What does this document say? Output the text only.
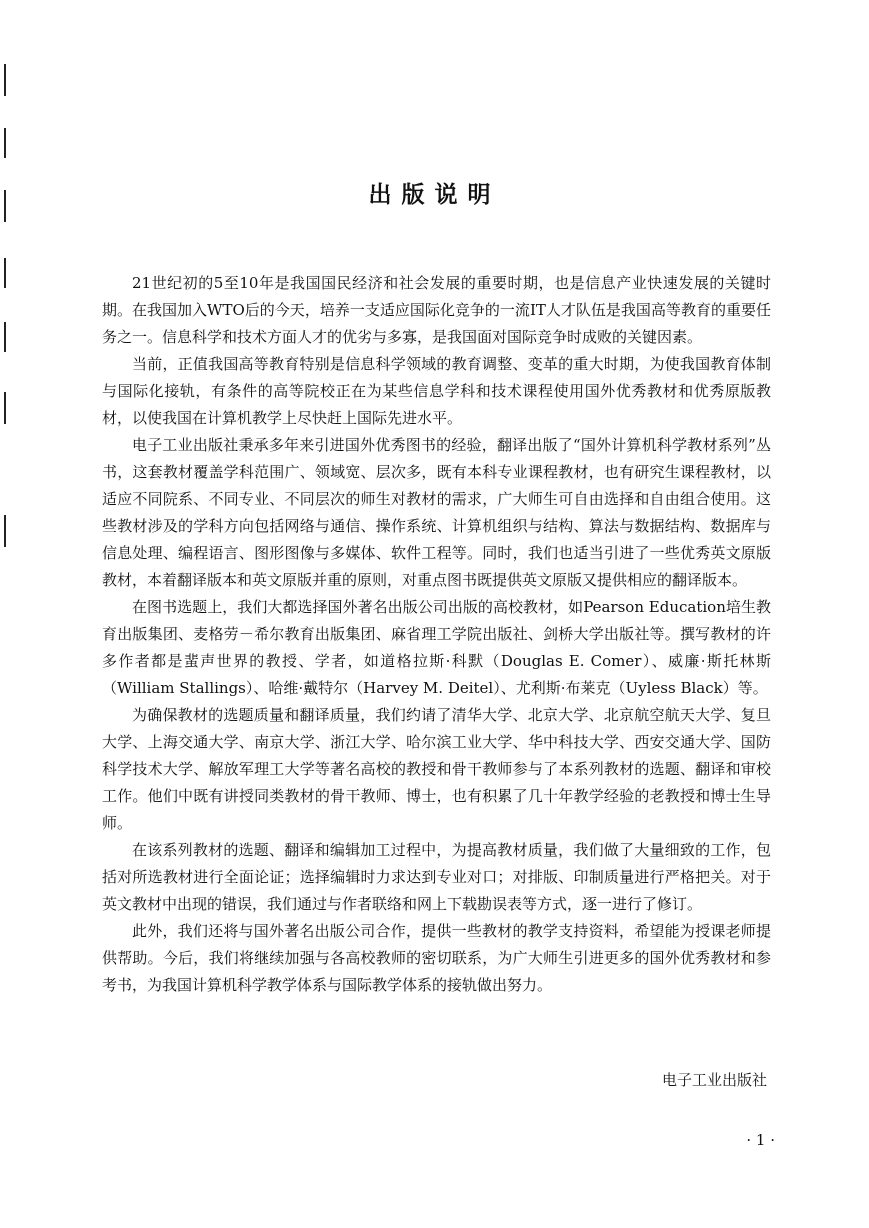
出版说明

21世纪初的5至10年是我国国民经济和社会发展的重要时期，也是信息产业快速发展的关键时期。在我国加入WTO后的今天，培养一支适应国际化竞争的一流IT人才队伍是我国高等教育的重要任务之一。信息科学和技术方面人才的优劣与多寡，是我国面对国际竞争时成败的关键因素。

当前，正值我国高等教育特别是信息科学领域的教育调整、变革的重大时期，为使我国教育体制与国际化接轨，有条件的高等院校正在为某些信息学科和技术课程使用国外优秀教材和优秀原版教材，以使我国在计算机教学上尽快赶上国际先进水平。

电子工业出版社秉承多年来引进国外优秀图书的经验，翻译出版了“国外计算机科学教材系列”丛书，这套教材覆盖学科范围广、领域宽、层次多，既有本科专业课程教材，也有研究生课程教材，以适应不同院系、不同专业、不同层次的师生对教材的需求，广大师生可自由选择和自由组合使用。这些教材涉及的学科方向包括网络与通信、操作系统、计算机组织与结构、算法与数据结构、数据库与信息处理、编程语言、图形图像与多媒体、软件工程等。同时，我们也适当引进了一些优秀英文原版教材，本着翻译版本和英文原版并重的原则，对重点图书既提供英文原版又提供相应的翻译版本。

在图书选题上，我们大都选择国外著名出版公司出版的高校教材，如Pearson Education培生教育出版集团、麦格劳－希尔教育出版集团、麻省理工学院出版社、剑桥大学出版社等。撰写教材的许多作者都是蜚声世界的教授、学者，如道格拉斯·科默（Douglas E. Comer）、威廉·斯托林斯（William Stallings）、哈维·戴特尔（Harvey M. Deitel）、尤利斯·布莱克（Uyless Black）等。

为确保教材的选题质量和翻译质量，我们约请了清华大学、北京大学、北京航空航天大学、复旦大学、上海交通大学、南京大学、浙江大学、哈尔滨工业大学、华中科技大学、西安交通大学、国防科学技术大学、解放军理工大学等著名高校的教授和骨干教师参与了本系列教材的选题、翻译和审校工作。他们中既有讲授同类教材的骨干教师、博士，也有积累了几十年教学经验的老教授和博士生导师。

在该系列教材的选题、翻译和编辑加工过程中，为提高教材质量，我们做了大量细致的工作，包括对所选教材进行全面论证；选择编辑时力求达到专业对口；对排版、印制质量进行严格把关。对于英文教材中出现的错误，我们通过与作者联络和网上下载勘误表等方式，逐一进行了修订。

此外，我们还将与国外著名出版公司合作，提供一些教材的教学支持资料，希望能为授课老师提供帮助。今后，我们将继续加强与各高校教师的密切联系，为广大师生引进更多的国外优秀教材和参考书，为我国计算机科学教学体系与国际教学体系的接轨做出努力。

电子工业出版社

· 1 ·
